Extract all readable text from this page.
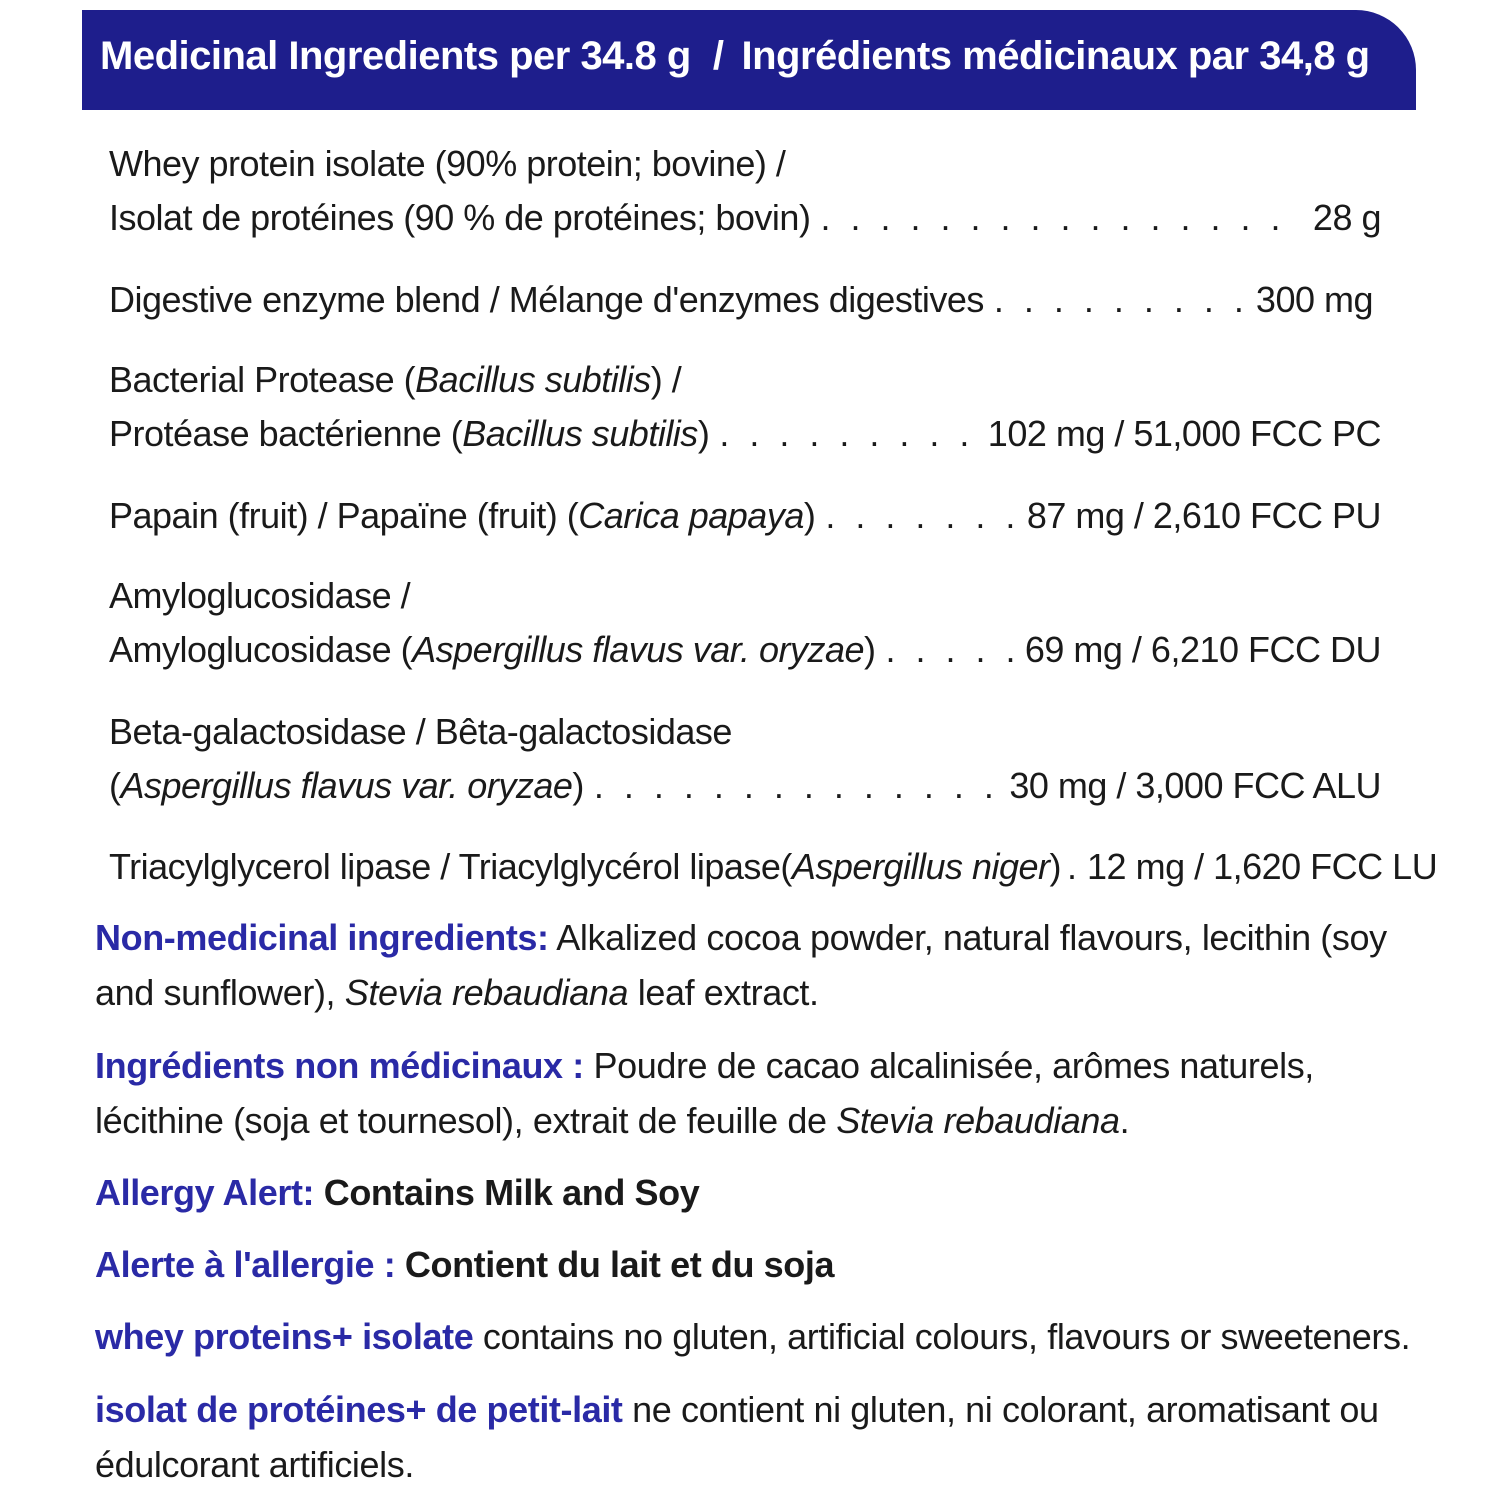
Medicinal Ingredients per 34.8 g / Ingrédients médicinaux par 34,8 g
Whey protein isolate (90% protein; bovine) /
Isolat de protéines (90 % de protéines; bovin) . . .	28 g
Digestive enzyme blend / Mélange d'enzymes digestives . . .	300 mg
Bacterial Protease (Bacillus subtilis) /
Protéase bactérienne (Bacillus subtilis) . . .	102 mg / 51,000 FCC PC
Papain (fruit) / Papaïne (fruit) (Carica papaya) . . .	87 mg / 2,610 FCC PU
Amyloglucosidase /
Amyloglucosidase (Aspergillus flavus var. oryzae) . . .	69 mg / 6,210 FCC DU
Beta-galactosidase / Bêta-galactosidase
(Aspergillus flavus var. oryzae) . . .	30 mg / 3,000 FCC ALU
Triacylglycerol lipase / Triacylglycérol lipase(Aspergillus niger) . . . 12 mg / 1,620 FCC LU
Non-medicinal ingredients: Alkalized cocoa powder, natural flavours, lecithin (soy and sunflower), Stevia rebaudiana leaf extract.
Ingrédients non médicinaux : Poudre de cacao alcalinisée, arômes naturels, lécithine (soja et tournesol), extrait de feuille de Stevia rebaudiana.
Allergy Alert: Contains Milk and Soy
Alerte à l'allergie : Contient du lait et du soja
whey proteins+ isolate contains no gluten, artificial colours, flavours or sweeteners.
isolat de protéines+ de petit-lait ne contient ni gluten, ni colorant, aromatisant ou édulcorant artificiels.
